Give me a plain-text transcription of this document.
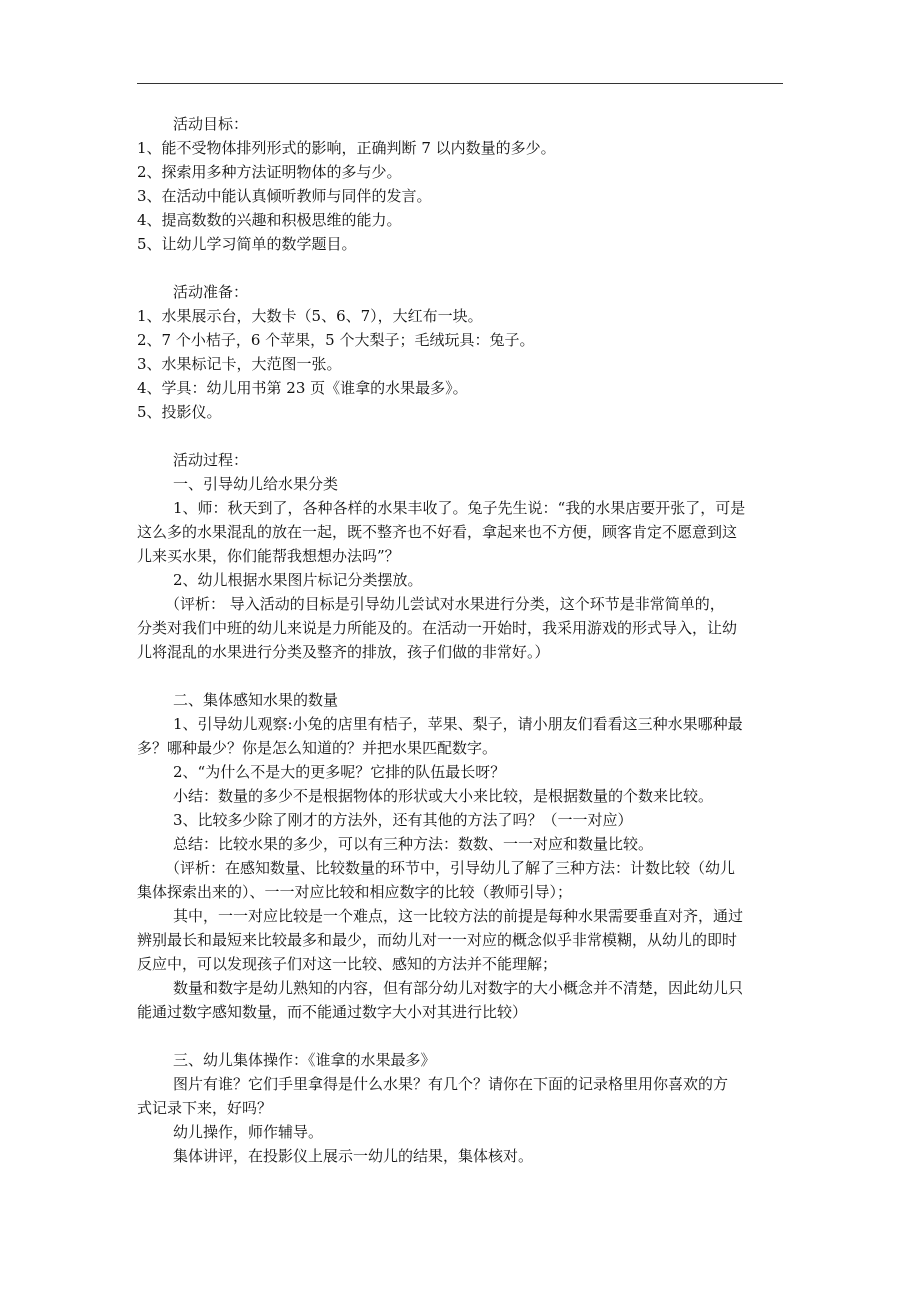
活动目标：
1、能不受物体排列形式的影响，正确判断 7 以内数量的多少。
2、探索用多种方法证明物体的多与少。
3、在活动中能认真倾听教师与同伴的发言。
4、提高数数的兴趣和积极思维的能力。
5、让幼儿学习简单的数学题目。
活动准备：
1、水果展示台，大数卡（5、6、7），大红布一块。
2、7 个小桔子，6 个苹果，5 个大梨子；毛绒玩具：兔子。
3、水果标记卡，大范图一张。
4、学具：幼儿用书第 23 页《谁拿的水果最多》。
5、投影仪。
活动过程：
一、引导幼儿给水果分类
1、师：秋天到了，各种各样的水果丰收了。兔子先生说：“我的水果店要开张了，可是
这么多的水果混乱的放在一起，既不整齐也不好看，拿起来也不方便，顾客肯定不愿意到这
儿来买水果，你们能帮我想想办法吗”？
2、幼儿根据水果图片标记分类摆放。
（评析： 导入活动的目标是引导幼儿尝试对水果进行分类，这个环节是非常简单的，
分类对我们中班的幼儿来说是力所能及的。在活动一开始时，我采用游戏的形式导入，让幼
儿将混乱的水果进行分类及整齐的排放，孩子们做的非常好。）
二、集体感知水果的数量
1、引导幼儿观察:小兔的店里有桔子，苹果、梨子，请小朋友们看看这三种水果哪种最
多？哪种最少？你是怎么知道的？并把水果匹配数字。
2、“为什么不是大的更多呢？它排的队伍最长呀？
小结：数量的多少不是根据物体的形状或大小来比较，是根据数量的个数来比较。
3、比较多少除了刚才的方法外，还有其他的方法了吗？（一一对应）
总结：比较水果的多少，可以有三种方法：数数、一一对应和数量比较。
（评析：在感知数量、比较数量的环节中，引导幼儿了解了三种方法：计数比较（幼儿
集体探索出来的）、一一对应比较和相应数字的比较（教师引导）；
其中，一一对应比较是一个难点，这一比较方法的前提是每种水果需要垂直对齐，通过
辨别最长和最短来比较最多和最少，而幼儿对一一对应的概念似乎非常模糊，从幼儿的即时
反应中，可以发现孩子们对这一比较、感知的方法并不能理解；
数量和数字是幼儿熟知的内容，但有部分幼儿对数字的大小概念并不清楚，因此幼儿只
能通过数字感知数量，而不能通过数字大小对其进行比较）
三、幼儿集体操作：《谁拿的水果最多》
图片有谁？它们手里拿得是什么水果？有几个？请你在下面的记录格里用你喜欢的方
式记录下来，好吗？
幼儿操作，师作辅导。
集体讲评，在投影仪上展示一幼儿的结果，集体核对。
